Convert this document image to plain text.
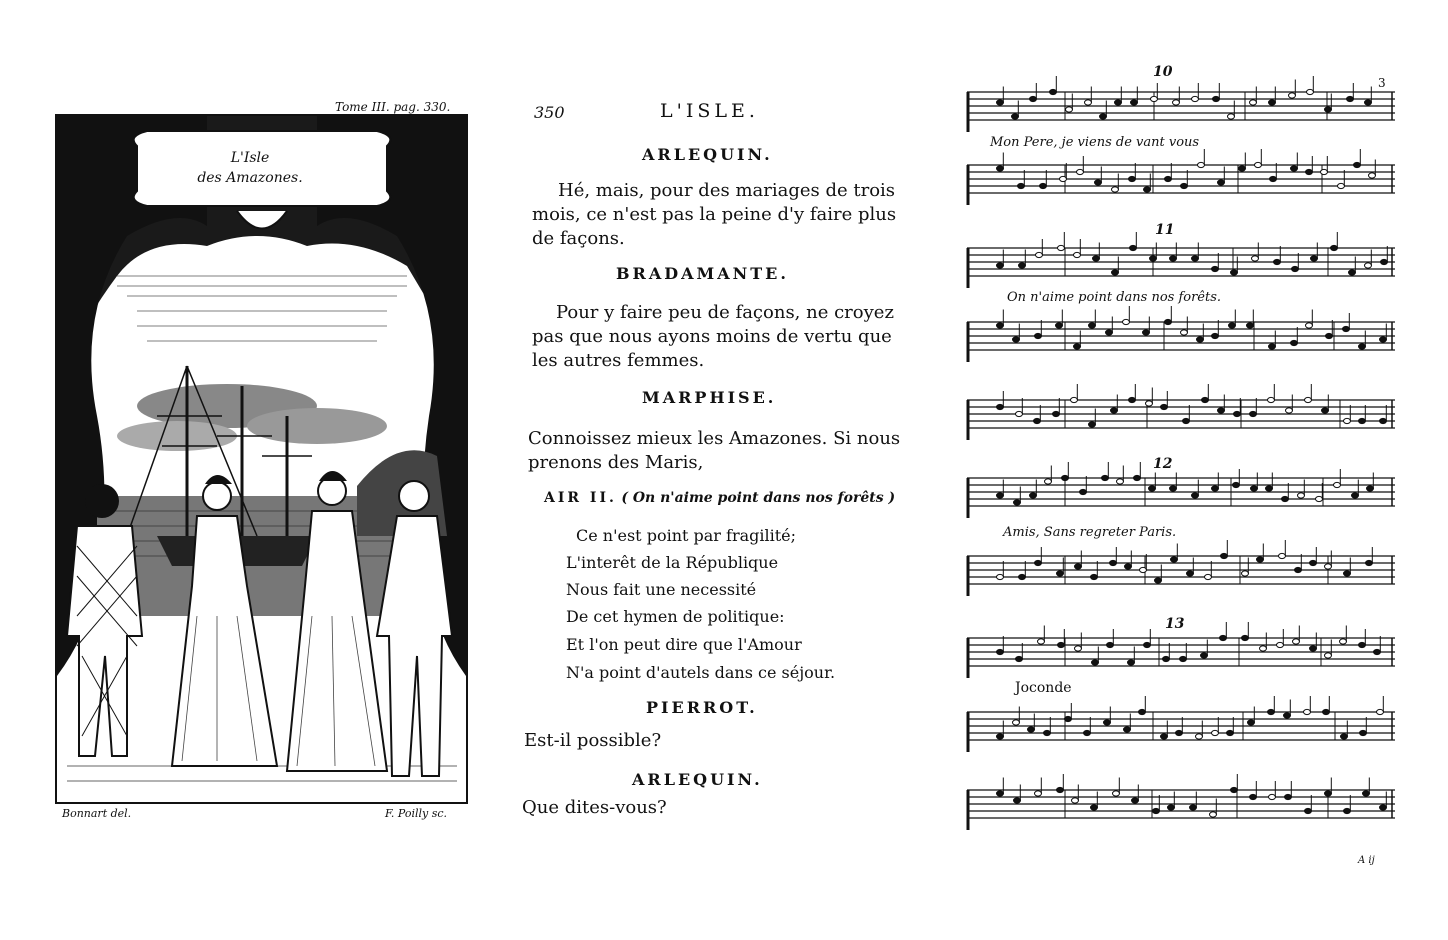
Tome III. pag. 330.
L'Isle
des Amazones.
Bonnart del.	F. Poilly sc.
350	L'ISLE.
ARLEQUIN.
Hé, mais, pour des mariages de trois
mois, ce n'est pas la peine d'y faire plus
de façons.
BRADAMANTE.
Pour y faire peu de façons, ne croyez
pas que nous ayons moins de vertu que
les autres femmes.
MARPHISE.
Connoissez mieux les Amazones. Si nous
prenons des Maris,
AIR II. ( On n'aime point dans nos forêts )
Ce n'est point par fragilité;
L'interêt de la République
Nous fait une necessité
De cet hymen de politique:
Et l'on peut dire que l'Amour
N'a point d'autels dans ce séjour.
PIERROT.
Est-il possible?
ARLEQUIN.
Que dites-vous?
3
10
Mon Pere, je viens de vant vous
11
On n'aime point dans nos forêts.
12
Amis, Sans regreter Paris.
13
Joconde
A ij
